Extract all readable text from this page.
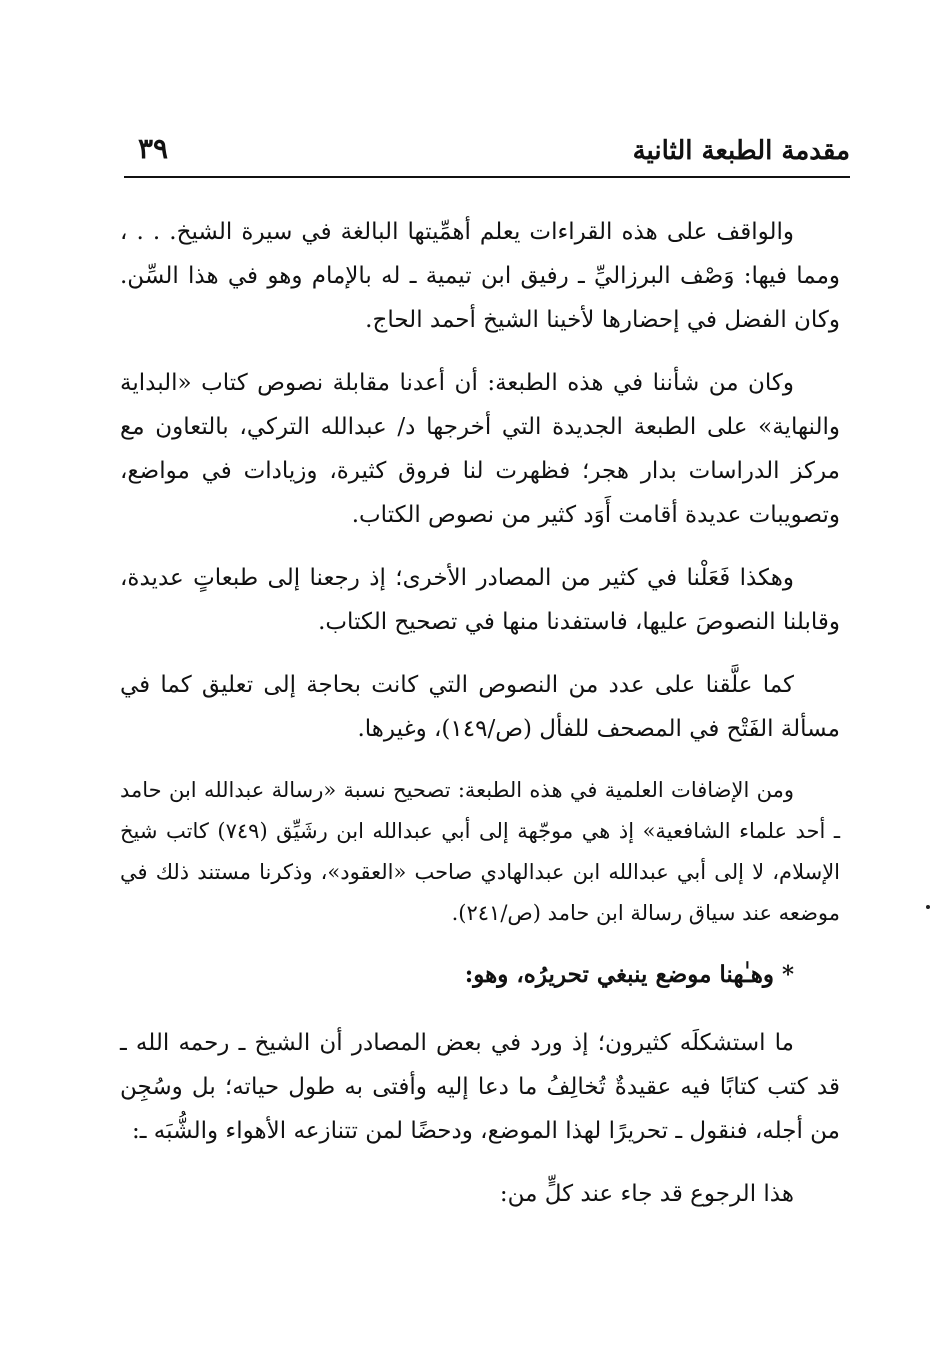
مقدمة الطبعة الثانية
٣٩

والواقف على هذه القراءات يعلم أهمِّيتها البالغة في سيرة الشيخ. . . ، ومما فيها: وَصْف البرزاليِّ ـ رفيق ابن تيمية ـ له بالإمام وهو في هذا السِّن. وكان الفضل في إحضارها لأخينا الشيخ أحمد الحاج.

وكان من شأننا في هذه الطبعة: أن أعدنا مقابلة نصوص كتاب «البداية والنهاية» على الطبعة الجديدة التي أخرجها د/ عبدالله التركي، بالتعاون مع مركز الدراسات بدار هجر؛ فظهرت لنا فروق كثيرة، وزيادات في مواضع، وتصويبات عديدة أقامت أَوَد كثير من نصوص الكتاب.

وهكذا فَعَلْنا في كثير من المصادر الأخرى؛ إذ رجعنا إلى طبعاتٍ عديدة، وقابلنا النصوصَ عليها، فاستفدنا منها في تصحيح الكتاب.

كما علَّقنا على عدد من النصوص التي كانت بحاجة إلى تعليق كما في مسألة الفَتْح في المصحف للفأل (ص/١٤٩)، وغيرها.

ومن الإضافات العلمية في هذه الطبعة: تصحيح نسبة «رسالة عبدالله ابن حامد ـ أحد علماء الشافعية» إذ هي موجّهة إلى أبي عبدالله ابن رشَيِّق (٧٤٩) كاتب شيخ الإسلام، لا إلى أبي عبدالله ابن عبدالهادي صاحب «العقود»، وذكرنا مستند ذلك في موضعه عند سياق رسالة ابن حامد (ص/٢٤١).

* وهـٰهنا موضع ينبغي تحريرُه، وهو:

ما استشكلَه كثيرون؛ إذ ورد في بعض المصادر أن الشيخ ـ رحمه الله ـ قد كتب كتابًا فيه عقيدةٌ تُخالِفُ ما دعا إليه وأفتى به طول حياته؛ بل وسُجِن من أجله، فنقول ـ تحريرًا لهذا الموضع، ودحضًا لمن تتنازعه الأهواء والشُّبَه ـ:

هذا الرجوع قد جاء عند كلٍّ من:
